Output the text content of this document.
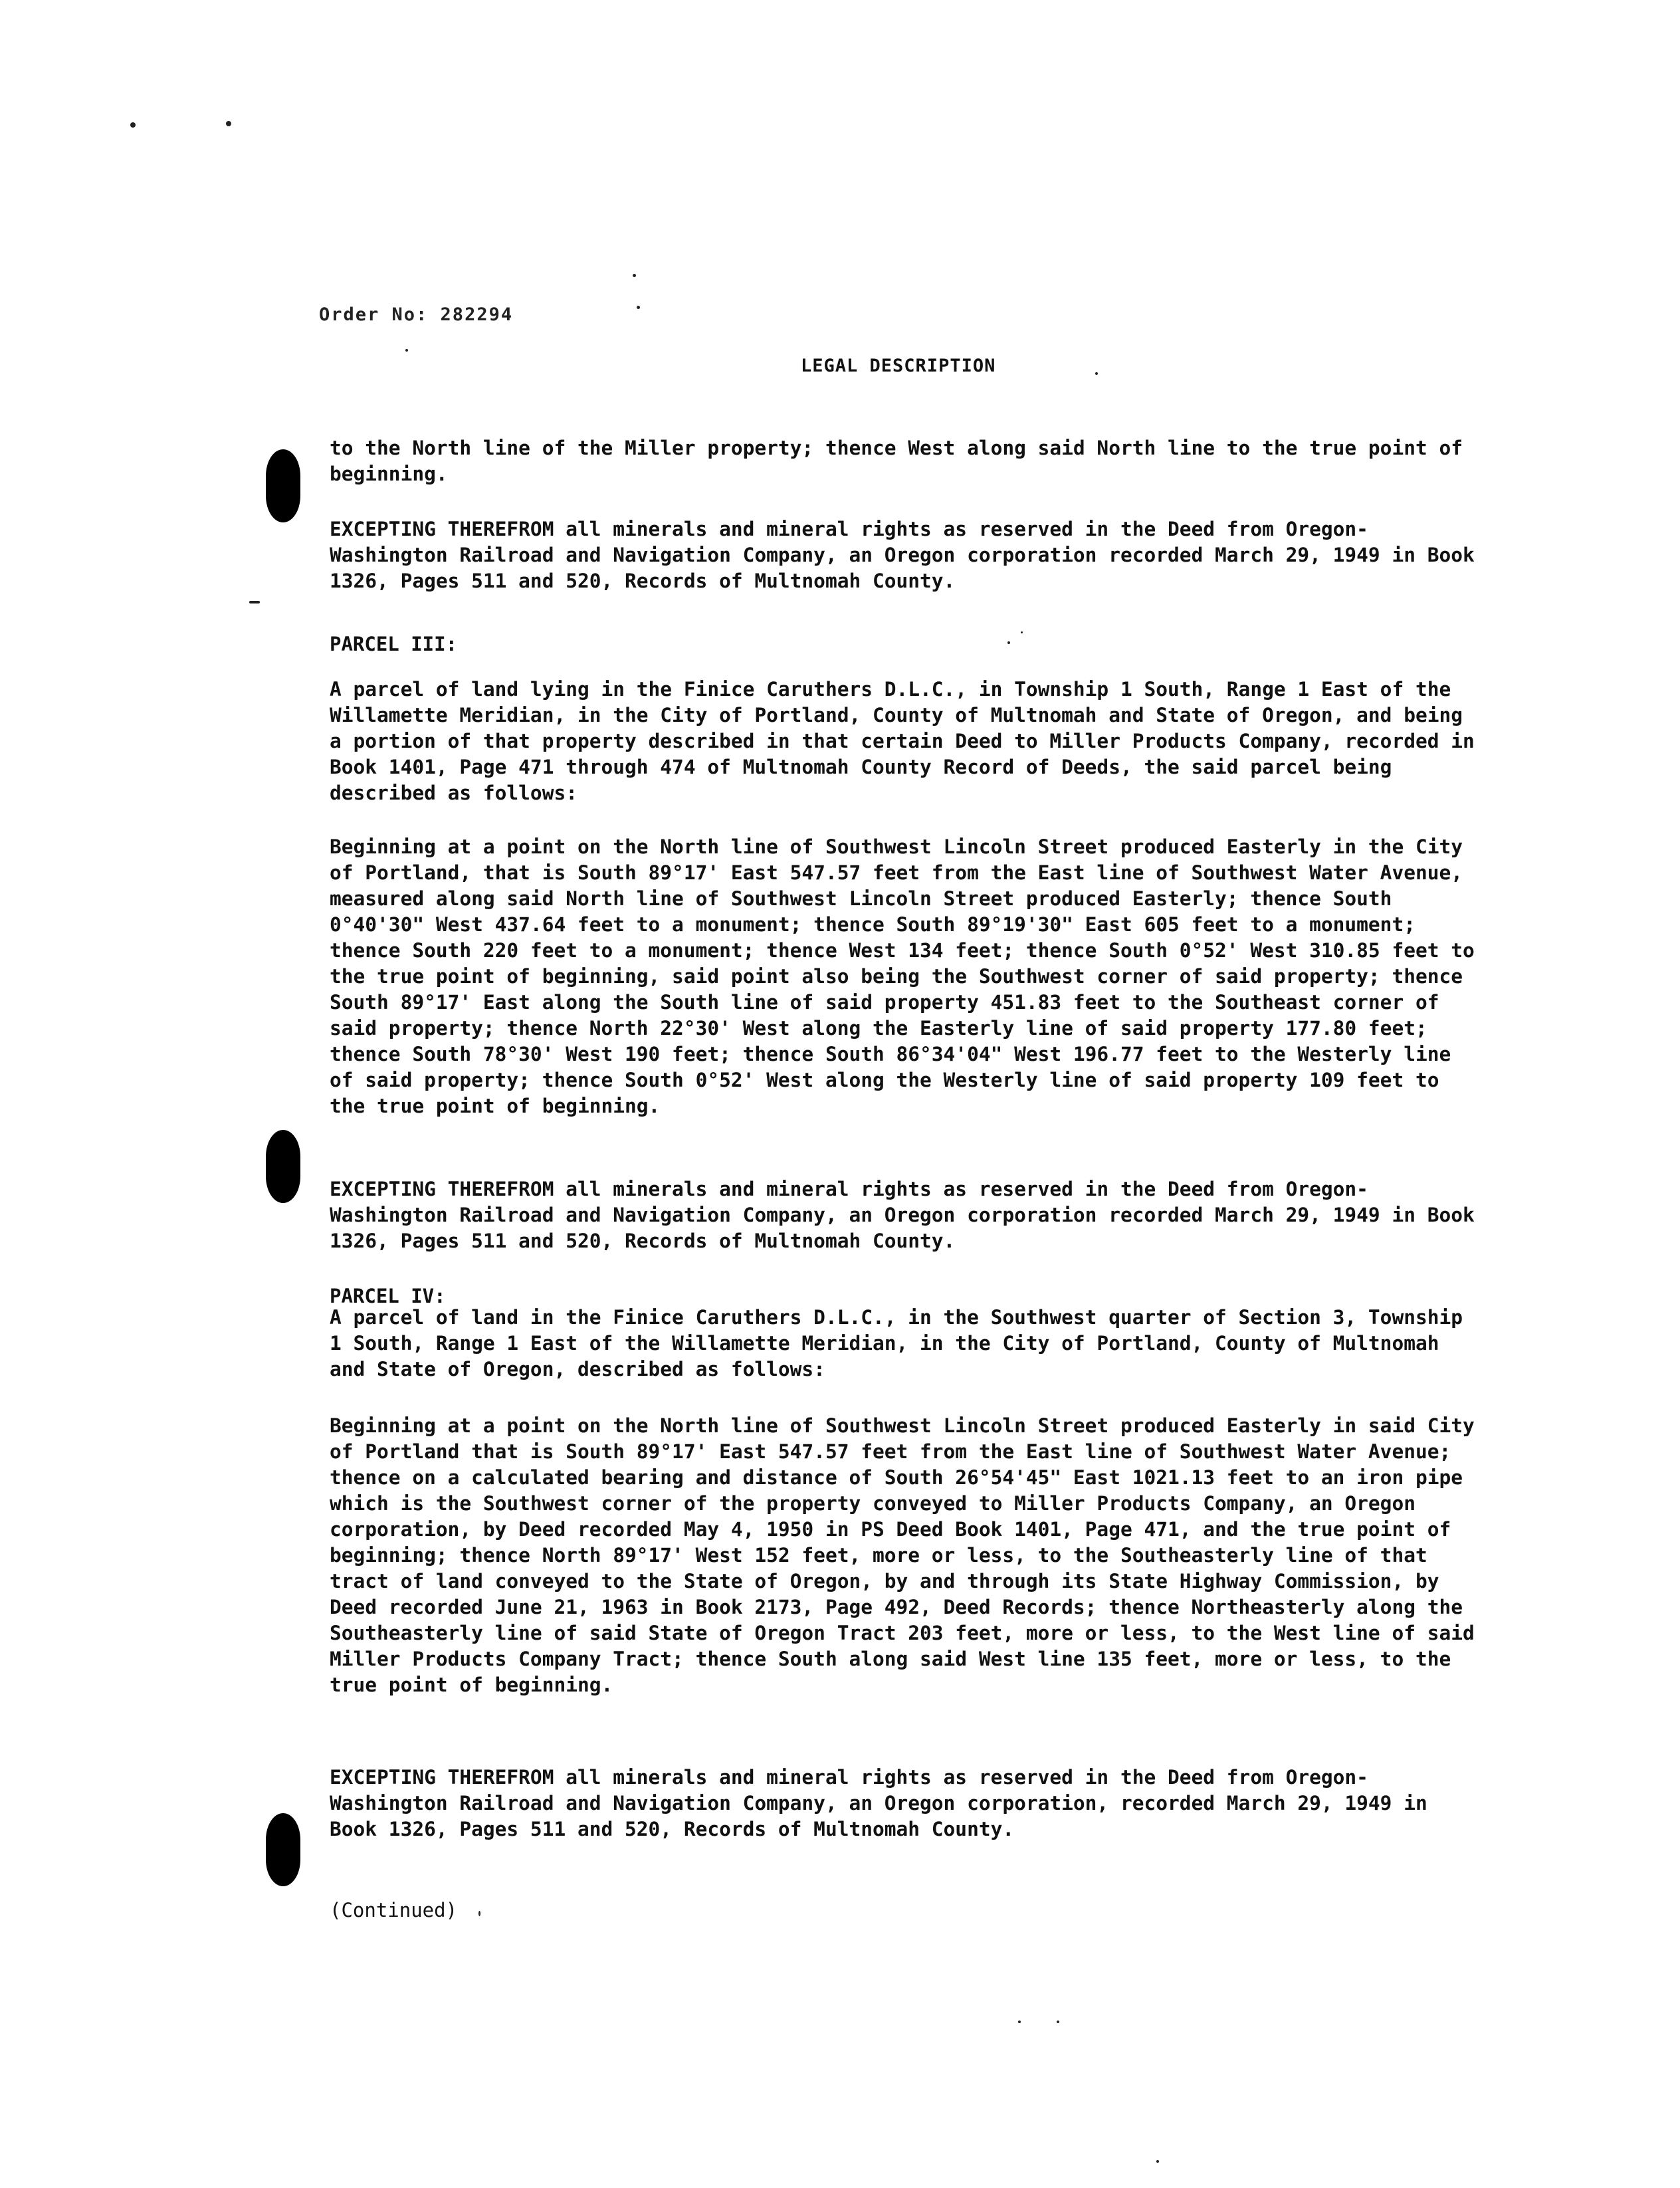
Order No: 282294
LEGAL DESCRIPTION

to the North line of the Miller property; thence West along said North line to the true point of beginning.

EXCEPTING THEREFROM all minerals and mineral rights as reserved in the Deed from Oregon-Washington Railroad and Navigation Company, an Oregon corporation recorded March 29, 1949 in Book 1326, Pages 511 and 520, Records of Multnomah County.

PARCEL III:

A parcel of land lying in the Finice Caruthers D.L.C., in Township 1 South, Range 1 East of the Willamette Meridian, in the City of Portland, County of Multnomah and State of Oregon, and being a portion of that property described in that certain Deed to Miller Products Company, recorded in Book 1401, Page 471 through 474 of Multnomah County Record of Deeds, the said parcel being described as follows:

Beginning at a point on the North line of Southwest Lincoln Street produced Easterly in the City of Portland, that is South 89°17' East 547.57 feet from the East line of Southwest Water Avenue, measured along said North line of Southwest Lincoln Street produced Easterly; thence South 0°40'30" West 437.64 feet to a monument; thence South 89°19'30" East 605 feet to a monument; thence South 220 feet to a monument; thence West 134 feet; thence South 0°52' West 310.85 feet to the true point of beginning, said point also being the Southwest corner of said property; thence South 89°17' East along the South line of said property 451.83 feet to the Southeast corner of said property; thence North 22°30' West along the Easterly line of said property 177.80 feet; thence South 78°30' West 190 feet; thence South 86°34'04" West 196.77 feet to the Westerly line of said property; thence South 0°52' West along the Westerly line of said property 109 feet to the true point of beginning.

EXCEPTING THEREFROM all minerals and mineral rights as reserved in the Deed from Oregon-Washington Railroad and Navigation Company, an Oregon corporation recorded March 29, 1949 in Book 1326, Pages 511 and 520, Records of Multnomah County.

PARCEL IV:

A parcel of land in the Finice Caruthers D.L.C., in the Southwest quarter of Section 3, Township 1 South, Range 1 East of the Willamette Meridian, in the City of Portland, County of Multnomah and State of Oregon, described as follows:

Beginning at a point on the North line of Southwest Lincoln Street produced Easterly in said City of Portland that is South 89°17' East 547.57 feet from the East line of Southwest Water Avenue; thence on a calculated bearing and distance of South 26°54'45" East 1021.13 feet to an iron pipe which is the Southwest corner of the property conveyed to Miller Products Company, an Oregon corporation, by Deed recorded May 4, 1950 in PS Deed Book 1401, Page 471, and the true point of beginning; thence North 89°17' West 152 feet, more or less, to the Southeasterly line of that tract of land conveyed to the State of Oregon, by and through its State Highway Commission, by Deed recorded June 21, 1963 in Book 2173, Page 492, Deed Records; thence Northeasterly along the Southeasterly line of said State of Oregon Tract 203 feet, more or less, to the West line of said Miller Products Company Tract; thence South along said West line 135 feet, more or less, to the true point of beginning.

EXCEPTING THEREFROM all minerals and mineral rights as reserved in the Deed from Oregon-Washington Railroad and Navigation Company, an Oregon corporation, recorded March 29, 1949 in Book 1326, Pages 511 and 520, Records of Multnomah County.

(Continued)
